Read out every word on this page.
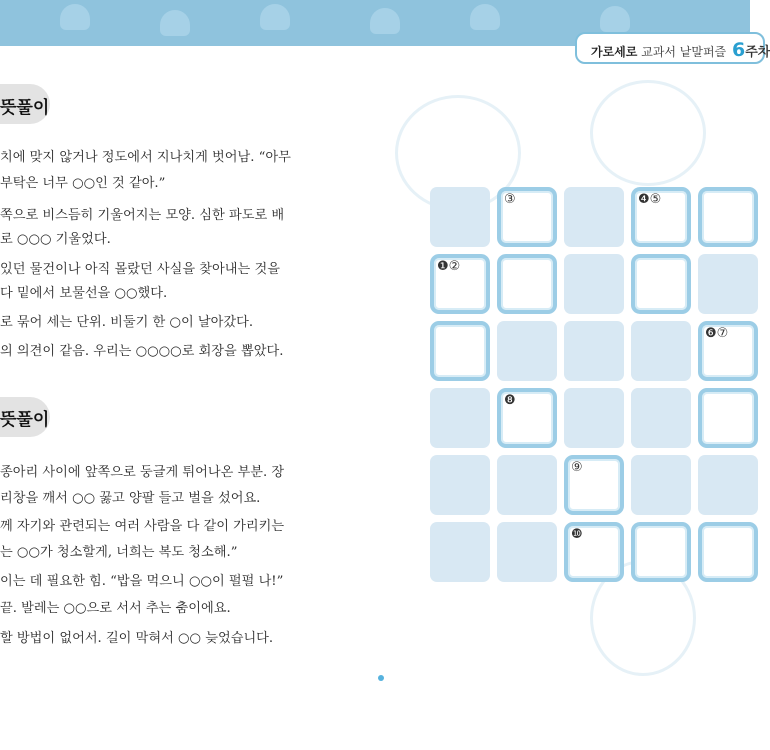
가로세로 교과서 낱말퍼즐 6주차
뜻풀이
치에 맞지 않거나 정도에서 지나치게 벗어남. “아무
부탁은 너무 ○○인 것 같아.”
쪽으로 비스듬히 기울어지는 모양. 심한 파도로 배
로 ○○○ 기울었다.
있던 물건이나 아직 몰랐던 사실을 찾아내는 것을
다 밑에서 보물선을 ○○했다.
로 묶어 세는 단위. 비둘기 한 ○이 날아갔다.
의 의견이 같음. 우리는 ○○○○로 회장을 뽑았다.
뜻풀이
종아리 사이에 앞쪽으로 둥글게 튀어나온 부분. 장
리창을 깨서 ○○ 꿇고 양팔 들고 벌을 섰어요.
께 자기와 관련되는 여러 사람을 다 같이 가리키는
는 ○○가 청소할게, 너희는 복도 청소해.”
이는 데 필요한 힘. “밥을 먹으니 ○○이 펄펄 나!”
끝. 발레는 ○○으로 서서 추는 춤이에요.
할 방법이 없어서. 길이 막혀서 ○○ 늦었습니다.
③	❹⑤
❶②
❻⑦
❽
⑨
❿
